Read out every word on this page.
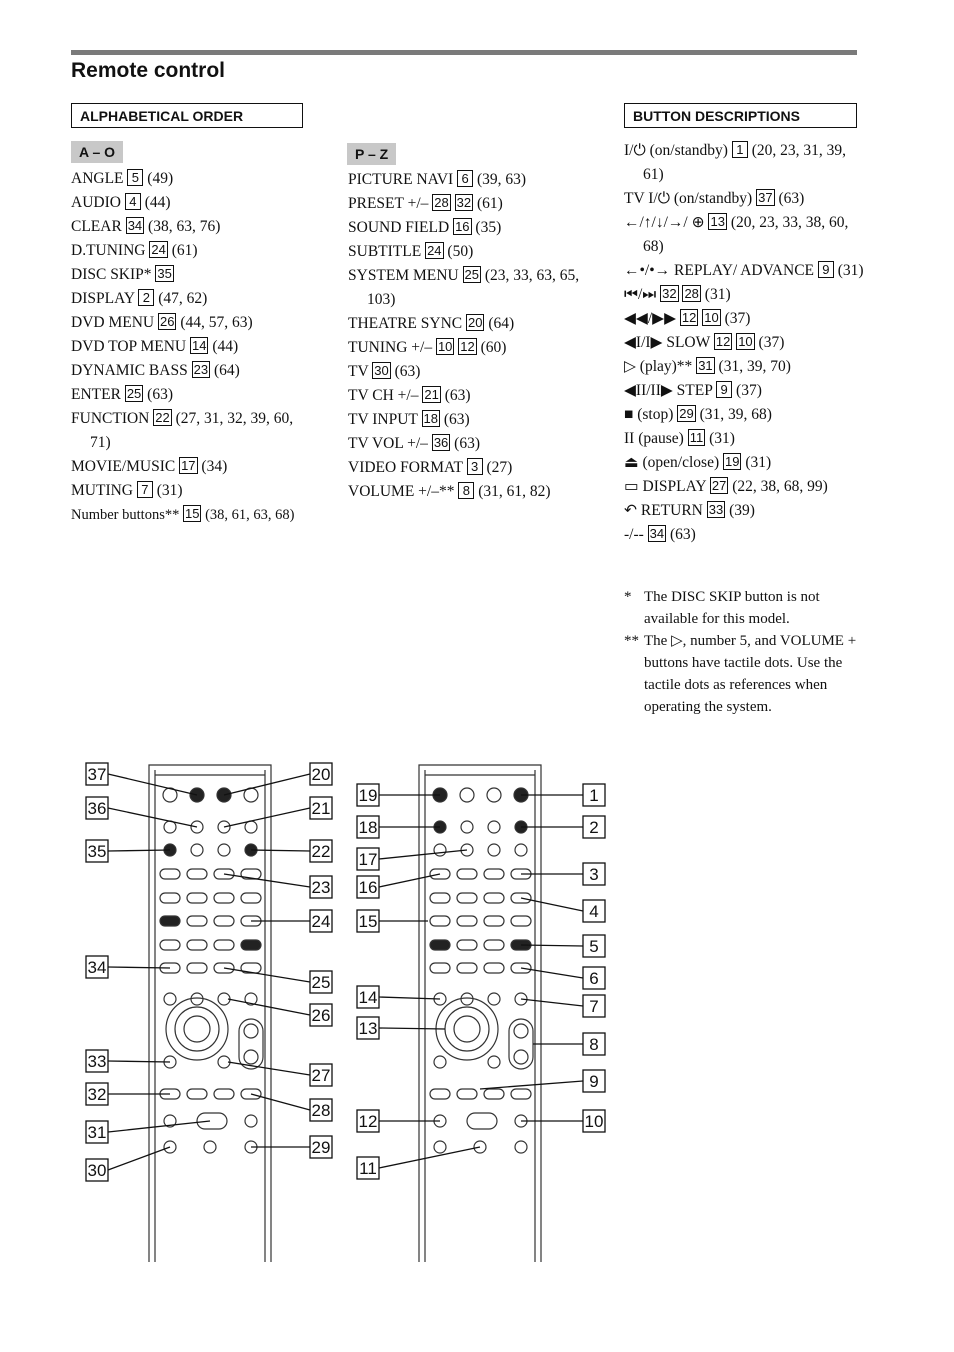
Remote control
ALPHABETICAL ORDER	BUTTON DESCRIPTIONS
A – O	P – Z
ANGLE 5 (49)
AUDIO 4 (44)
CLEAR 34 (38, 63, 76)
D.TUNING 24 (61)
DISC SKIP* 35
DISPLAY 2 (47, 62)
DVD MENU 26 (44, 57, 63)
DVD TOP MENU 14 (44)
DYNAMIC BASS 23 (64)
ENTER 25 (63)
FUNCTION 22 (27, 31, 32, 39, 60, 71)
MOVIE/MUSIC 17 (34)
MUTING 7 (31)
Number buttons** 15 (38, 61, 63, 68)
PICTURE NAVI 6 (39, 63)
PRESET +/– 28 32 (61)
SOUND FIELD 16 (35)
SUBTITLE 24 (50)
SYSTEM MENU 25 (23, 33, 63, 65, 103)
THEATRE SYNC 20 (64)
TUNING +/– 10 12 (60)
TV 30 (63)
TV CH +/– 21 (63)
TV INPUT 18 (63)
TV VOL +/– 36 (63)
VIDEO FORMAT 3 (27)
VOLUME +/–** 8 (31, 61, 82)
I/⏻ (on/standby) 1 (20, 23, 31, 39, 61)
TV I/⏻ (on/standby) 37 (63)
←/↑/↓/→/ ⊕ 13 (20, 23, 33, 38, 60, 68)
←•/•→ REPLAY/ ADVANCE 9 (31)
⏮/⏭ 32 28 (31)
◀◀/▶▶ 12 10 (37)
◀I/I▶ SLOW 12 10 (37)
▷ (play)** 31 (31, 39, 70)
◀II/II▶ STEP 9 (37)
■ (stop) 29 (31, 39, 68)
II (pause) 11 (31)
⏏ (open/close) 19 (31)
▭ DISPLAY 27 (22, 38, 68, 99)
↶ RETURN 33 (39)
-/-- 34 (63)
* The DISC SKIP button is not available for this model.
** The ▷, number 5, and VOLUME + buttons have tactile dots. Use the tactile dots as references when operating the system.
37
36
35
34
33
32
31
30
20
21
22
23
24
25
26
27
28
29
19
18
17
16
15
14
13
12
11
1
2
3
4
5
6
7
8
9
10
